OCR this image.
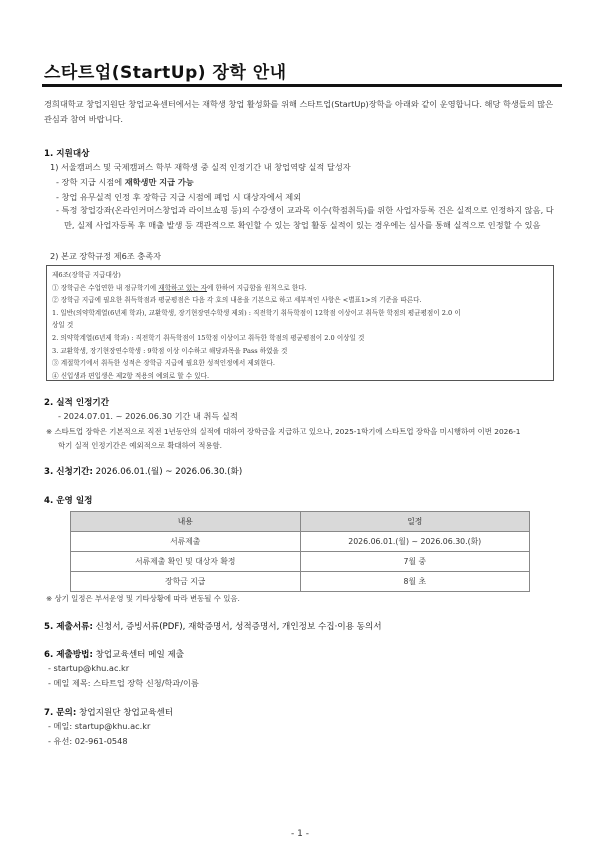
스타트업(StartUp) 장학 안내
경희대학교 창업지원단 창업교육센터에서는 재학생 창업 활성화를 위해 스타트업(StartUp)장학을 아래와 같이 운영합니다. 해당 학생들의 많은 관심과 참여 바랍니다.
1. 지원대상
1) 서울캠퍼스 및 국제캠퍼스 학부 재학생 중 실적 인정기간 내 창업역량 실적 달성자
- 장학 지급 시점에 재학생만 지급 가능
- 창업 유무실적 인정 후 장학금 지급 시점에 폐업 시 대상자에서 제외
- 특정 창업강좌(온라인커머스창업과 라이브쇼핑 등)의 수강생이 교과목 이수(학점취득)를 위한 사업자등록 건은 실적으로 인정하지 않음, 다만, 실제 사업자등록 후 매출 발생 등 객관적으로 확인할 수 있는 창업 활동 실적이 있는 경우에는 심사를 통해 실적으로 인정할 수 있음
2) 본교 장학규정 제6조 충족자
제6조(장학금 지급대상)
① 장학금은 수업연한 내 정규학기에 재학하고 있는 자에 한하여 지급함을 원칙으로 한다.
② 장학금 지급에 필요한 취득학점과 평균평점은 다음 각 호의 내용을 기본으로 하고 세부적인 사항은 <별표1>의 기준을 따른다.
1. 일반(의약학계열(6년제 학과), 교환학생, 장기현장연수학생 제외) : 직전학기 취득학점이 12학점 이상이고 취득한 학점의 평균평점이 2.0 이
상일 것
2. 의약학계열(6년제 학과) : 직전학기 취득학점이 15학점 이상이고 취득한 학점의 평균평점이 2.0 이상일 것
3. 교환학생, 장기현장연수학생 : 9학점 이상 이수하고 해당과목을 Pass 하였을 것
③ 계절학기에서 취득한 성적은 장학금 지급에 필요한 성적인정에서 제외한다.
④ 신입생과 편입생은 제2항 적용의 예외로 할 수 있다.
2. 실적 인정기간
- 2024.07.01. ~ 2026.06.30 기간 내 취득 실적
※ 스타트업 장학은 기본적으로 직전 1년동안의 실적에 대하여 장학금을 지급하고 있으나, 2025-1학기에 스타트업 장학을 미시행하여 이번 2026-1
학기 실적 인정기간은 예외적으로 확대하여 적용함.
3. 신청기간: 2026.06.01.(월) ~ 2026.06.30.(화)
4. 운영 일정
내용	일정
서류제출	2026.06.01.(월) ~ 2026.06.30.(화)
서류제출 확인 및 대상자 확정	7월 중
장학금 지급	8월 초
※ 상기 일정은 부서운영 및 기타상황에 따라 변동될 수 있음.
5. 제출서류: 신청서, 증빙서류(PDF), 재학증명서, 성적증명서, 개인정보 수집·이용 동의서
6. 제출방법: 창업교육센터 메일 제출
- startup@khu.ac.kr
- 메일 제목: 스타트업 장학 신청/학과/이름
7. 문의: 창업지원단 창업교육센터
- 메일: startup@khu.ac.kr
- 유선: 02-961-0548
- 1 -
